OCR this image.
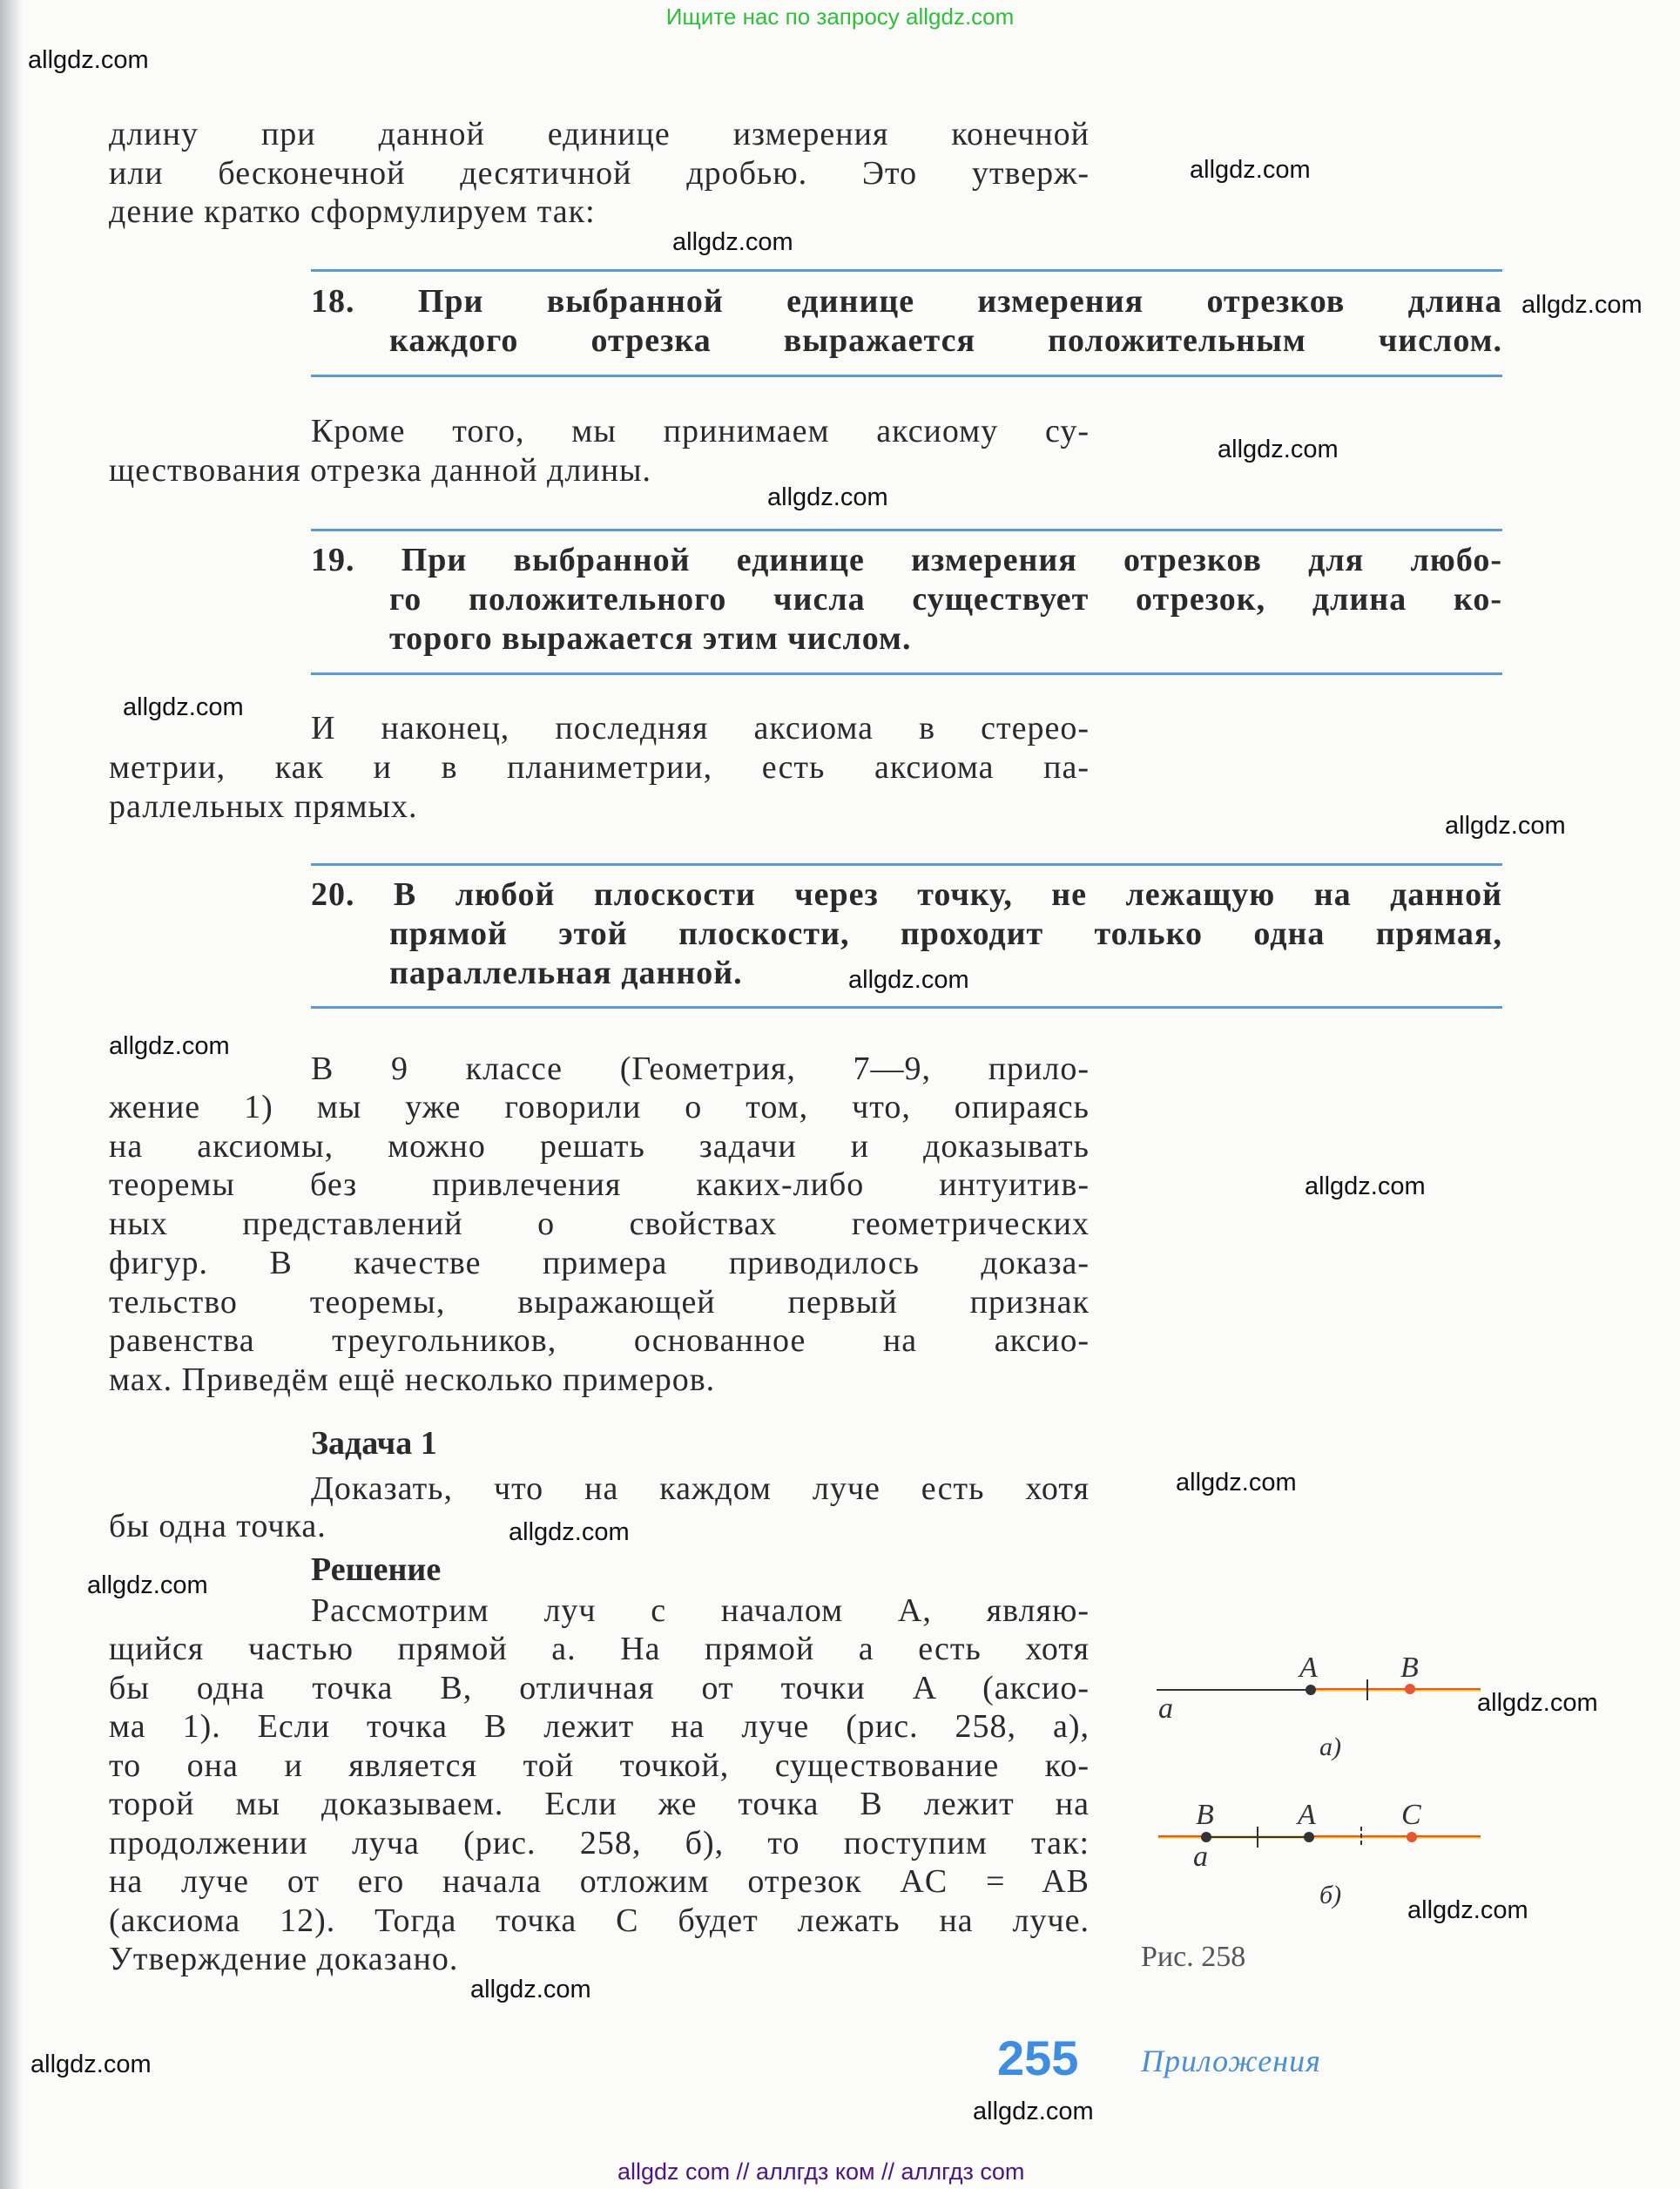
Ищите нас по запросу allgdz.com
длину при данной единице измерения конечной
или бесконечной десятичной дробью. Это утверж-
дение кратко сформулируем так:
18. При выбранной единице измерения отрезков длина
каждого отрезка выражается положительным числом.
Кроме того, мы принимаем аксиому су-
ществования отрезка данной длины.
19. При выбранной единице измерения отрезков для любо-
го положительного числа существует отрезок, длина ко-
торого выражается этим числом.
И наконец, последняя аксиома в стерео-
метрии, как и в планиметрии, есть аксиома па-
раллельных прямых.
20. В любой плоскости через точку, не лежащую на данной
прямой этой плоскости, проходит только одна прямая,
параллельная данной.
В 9 классе (Геометрия, 7—9, прило-
жение 1) мы уже говорили о том, что, опираясь
на аксиомы, можно решать задачи и доказывать
теоремы без привлечения каких-либо интуитив-
ных представлений о свойствах геометрических
фигур. В качестве примера приводилось доказа-
тельство теоремы, выражающей первый признак
равенства треугольников, основанное на аксио-
мах. Приведём ещё несколько примеров.
Задача 1
Доказать, что на каждом луче есть хотя
бы одна точка.
Решение
Рассмотрим луч с началом A, являю-
щийся частью прямой a. На прямой a есть хотя
бы одна точка B, отличная от точки A (аксио-
ма 1). Если точка B лежит на луче (рис. 258, a),
то она и является той точкой, существование ко-
торой мы доказываем. Если же точка B лежит на
продолжении луча (рис. 258, б), то поступим так:
на луче от его начала отложим отрезок AC = AB
(аксиома 12). Тогда точка C будет лежать на луче.
Утверждение доказано.
A	B
a
a)
B	A	C
a
б)
Рис. 258
255 Приложения
allgdz.com
allgdz.com
allgdz.com
allgdz.com
allgdz.com
allgdz.com
allgdz.com
allgdz.com
allgdz.com
allgdz.com
allgdz.com
allgdz.com
allgdz.com
allgdz.com
allgdz.com
allgdz.com
allgdz.com
allgdz.com
allgdz.com
allgdz com // аллгдз ком // аллгдз com
